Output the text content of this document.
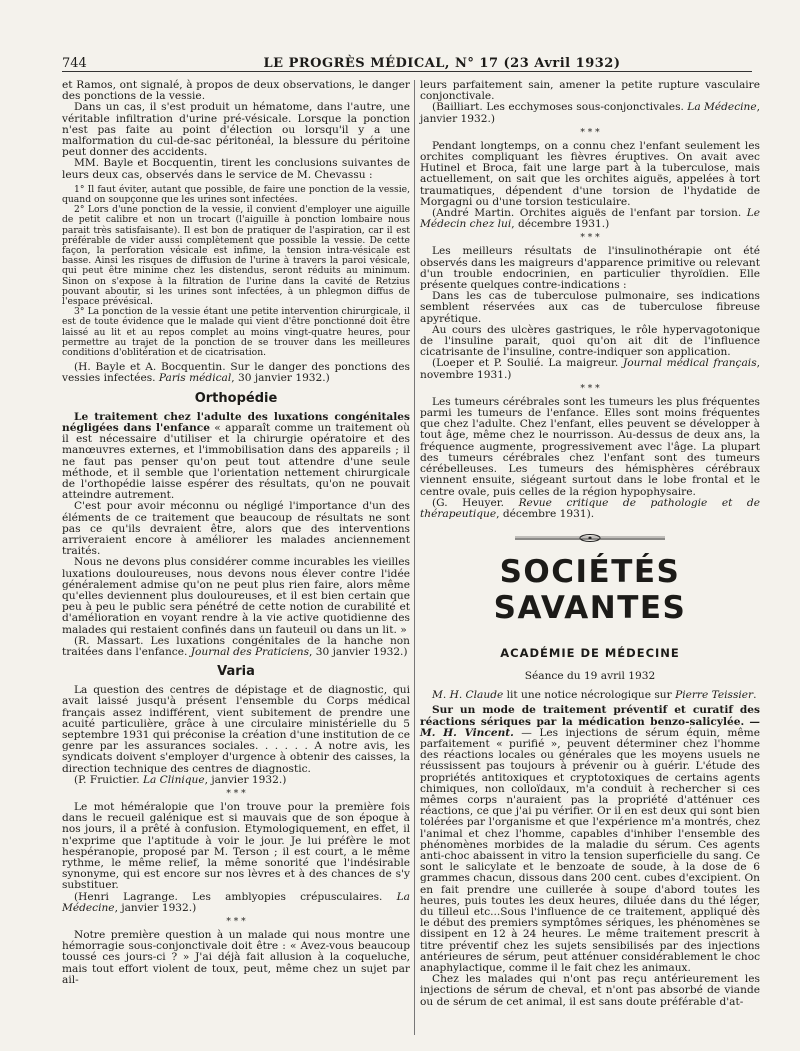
744	LE PROGRÈS MÉDICAL, N° 17 (23 Avril 1932)

et Ramos, ont signalé, à propos de deux observations, le danger des ponctions de la vessie.

Dans un cas, il s'est produit un hématome, dans l'autre, une véritable infiltration d'urine pré-vésicale. Lorsque la ponction n'est pas faite au point d'élection ou lorsqu'il y a une malformation du cul-de-sac péritonéal, la blessure du péritoine peut donner des accidents.

MM. Bayle et Bocquentin, tirent les conclusions suivantes de leurs deux cas, observés dans le service de M. Chevassu :

1° Il faut éviter, autant que possible, de faire une ponction de la vessie, quand on soupçonne que les urines sont infectées.

2° Lors d'une ponction de la vessie, il convient d'employer une aiguille de petit calibre et non un trocart (l'aiguille à ponction lombaire nous parait très satisfaisante). Il est bon de pratiquer de l'aspiration, car il est préférable de vider aussi complètement que possible la vessie. De cette façon, la perforation vésicale est infime, la tension intra-vésicale est basse. Ainsi les risques de diffusion de l'urine à travers la paroi vésicale, qui peut être minime chez les distendus, seront réduits au minimum. Sinon on s'expose à la filtration de l'urine dans la cavité de Retzius pouvant aboutir, si les urines sont infectées, à un phlegmon diffus de l'espace prévésical.

3° La ponction de la vessie étant une petite intervention chirurgicale, il est de toute évidence que le malade qui vient d'être ponctionné doit être laissé au lit et au repos complet au moins vingt-quatre heures, pour permettre au trajet de la ponction de se trouver dans les meilleures conditions d'oblitération et de cicatrisation.

(H. Bayle et A. Bocquentin. Sur le danger des ponctions des vessies infectées. Paris médical, 30 janvier 1932.)

Orthopédie

Le traitement chez l'adulte des luxations congénitales négligées dans l'enfance « apparaît comme un traitement où il est nécessaire d'utiliser et la chirurgie opératoire et des manœuvres externes, et l'immobilisation dans des appareils ; il ne faut pas penser qu'on peut tout attendre d'une seule méthode, et il semble que l'orientation nettement chirurgicale de l'orthopédie laisse espérer des résultats, qu'on ne pouvait atteindre autrement.

C'est pour avoir méconnu ou négligé l'importance d'un des éléments de ce traitement que beaucoup de résultats ne sont pas ce qu'ils devraient être, alors que des interventions arriveraient encore à améliorer les malades anciennement traités.

Nous ne devons plus considérer comme incurables les vieilles luxations douloureuses, nous devons nous élever contre l'idée généralement admise qu'on ne peut plus rien faire, alors même qu'elles deviennent plus douloureuses, et il est bien certain que peu à peu le public sera pénétré de cette notion de curabilité et d'amélioration en voyant rendre à la vie active quotidienne des malades qui restaient confinés dans un fauteuil ou dans un lit. »

(R. Massart. Les luxations congénitales de la hanche non traitées dans l'enfance. Journal des Praticiens, 30 janvier 1932.)

Varia

La question des centres de dépistage et de diagnostic, qui avait laissé jusqu'à présent l'ensemble du Corps médical français assez indifférent, vient subitement de prendre une acuité particulière, grâce à une circulaire ministérielle du 5 septembre 1931 qui préconise la création d'une institution de ce genre par les assurances sociales. . . . . . A notre avis, les syndicats doivent s'employer d'urgence à obtenir des caisses, la direction technique des centres de diagnostic.

(P. Fruictier. La Clinique, janvier 1932.)

* * *

Le mot héméralopie que l'on trouve pour la première fois dans le recueil galénique est si mauvais que de son époque à nos jours, il a prêté à confusion. Etymologiquement, en effet, il n'exprime que l'aptitude à voir le jour. Je lui préfère le mot hespéranopie, proposé par M. Terson ; il est court, a le même rythme, le même relief, la même sonorité que l'indésirable synonyme, qui est encore sur nos lèvres et à des chances de s'y substituer.

(Henri Lagrange. Les amblyopies crépusculaires. La Médecine, janvier 1932.)

* * *

Notre première question à un malade qui nous montre une hémorragie sous-conjonctivale doit être : « Avez-vous beaucoup toussé ces jours-ci ? » J'ai déjà fait allusion à la coqueluche, mais tout effort violent de toux, peut, même chez un sujet par ail-

leurs parfaitement sain, amener la petite rupture vasculaire conjonctivale.

(Bailliart. Les ecchymoses sous-conjonctivales. La Médecine, janvier 1932.)

* * *

Pendant longtemps, on a connu chez l'enfant seulement les orchites compliquant les fièvres éruptives. On avait avec Hutinel et Broca, fait une large part à la tuberculose, mais actuellement, on sait que les orchites aiguës, appelées à tort traumatiques, dépendent d'une torsion de l'hydatide de Morgagni ou d'une torsion testiculaire.

(André Martin. Orchites aiguës de l'enfant par torsion. Le Médecin chez lui, décembre 1931.)

* * *

Les meilleurs résultats de l'insulinothérapie ont été observés dans les maigreurs d'apparence primitive ou relevant d'un trouble endocrinien, en particulier thyroïdien. Elle présente quelques contre-indications :

Dans les cas de tuberculose pulmonaire, ses indications semblent réservées aux cas de tuberculose fibreuse apyrétique.

Au cours des ulcères gastriques, le rôle hypervagotonique de l'insuline parait, quoi qu'on ait dit de l'influence cicatrisante de l'insuline, contre-indiquer son application.

(Loeper et P. Soulié. La maigreur. Journal médical français, novembre 1931.)

* * *

Les tumeurs cérébrales sont les tumeurs les plus fréquentes parmi les tumeurs de l'enfance. Elles sont moins fréquentes que chez l'adulte. Chez l'enfant, elles peuvent se développer à tout âge, même chez le nourrisson. Au-dessus de deux ans, la fréquence augmente, progressivement avec l'âge. La plupart des tumeurs cérébrales chez l'enfant sont des tumeurs cérébelleuses. Les tumeurs des hémisphères cérébraux viennent ensuite, siégeant surtout dans le lobe frontal et le centre ovale, puis celles de la région hypophysaire.

(G. Heuyer. Revue critique de pathologie et de thérapeutique, décembre 1931).

SOCIÉTÉS SAVANTES
ACADÉMIE DE MÉDECINE
Séance du 19 avril 1932

M. H. Claude lit une notice nécrologique sur Pierre Teissier.

Sur un mode de traitement préventif et curatif des réactions sériques par la médication benzo-salicylée. — M. H. Vincent. — Les injections de sérum équin, même parfaitement « purifié », peuvent déterminer chez l'homme des réactions locales ou générales que les moyens usuels ne réussissent pas toujours à prévenir ou à guérir. L'étude des propriétés antitoxiques et cryptotoxiques de certains agents chimiques, non colloïdaux, m'a conduit à rechercher si ces mêmes corps n'auraient pas la propriété d'atténuer ces réactions, ce que j'ai pu vérifier. Or il en est deux qui sont bien tolérées par l'organisme et que l'expérience m'a montrés, chez l'animal et chez l'homme, capables d'inhiber l'ensemble des phénomènes morbides de la maladie du sérum. Ces agents anti-choc abaissent in vitro la tension superficielle du sang. Ce sont le salicylate et le benzoate de soude, à la dose de 6 grammes chacun, dissous dans 200 cent. cubes d'excipient. On en fait prendre une cuillerée à soupe d'abord toutes les heures, puis toutes les deux heures, diluée dans du thé léger, du tilleul etc...Sous l'influence de ce traitement, appliqué dès le début des premiers symptômes sériques, les phénomènes se dissipent en 12 à 24 heures. Le même traitement prescrit à titre préventif chez les sujets sensibilisés par des injections antérieures de sérum, peut atténuer considérablement le choc anaphylactique, comme il le fait chez les animaux.

Chez les malades qui n'ont pas reçu antérieurement les injections de sérum de cheval, et n'ont pas absorbé de viande ou de sérum de cet animal, il est sans doute préférable d'at-
